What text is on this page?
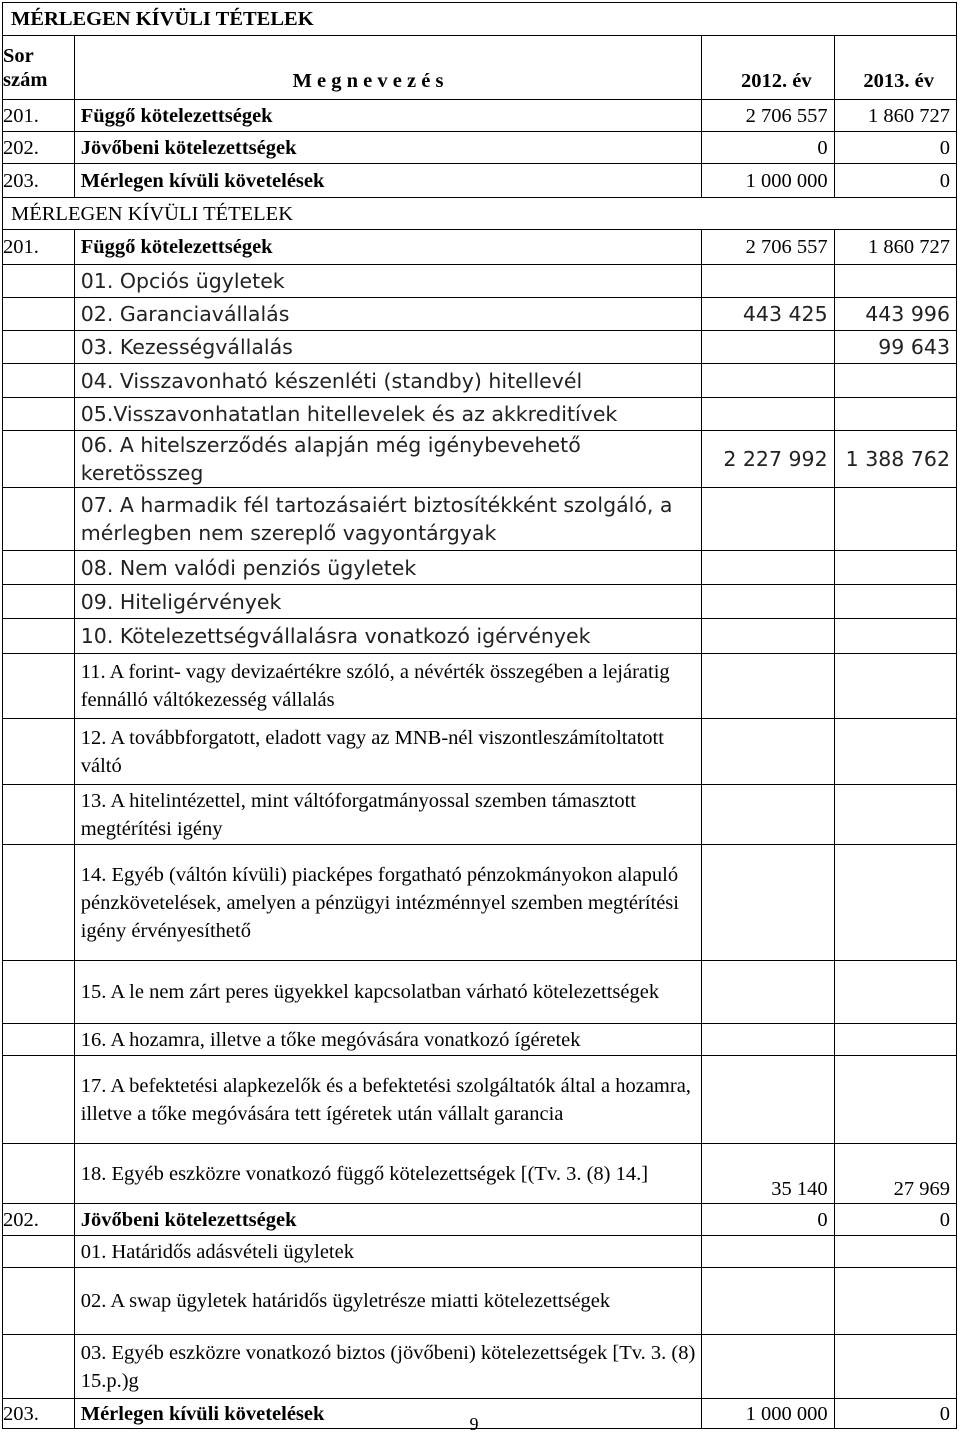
MÉRLEGEN KÍVÜLI TÉTELEK			
Sor szám	M e g n e v e z é s	2012. év	2013. év
201.	Függő kötelezettségek	2 706 557	1 860 727
202.	Jövőbeni kötelezettségek	0	0
203.	Mérlegen kívüli követelések	1 000 000	0
MÉRLEGEN KÍVÜLI TÉTELEK			
201.	Függő kötelezettségek	2 706 557	1 860 727
	01. Opciós ügyletek		
	02. Garanciavállalás	443 425	443 996
	03. Kezességvállalás		99 643
	04. Visszavonható készenléti (standby) hitellevél		
	05.Visszavonhatatlan hitellevelek és az akkreditívek		
	06. A hitelszerződés alapján még igénybevehető keretösszeg	2 227 992	1 388 762
	07. A harmadik fél tartozásaiért biztosítékként szolgáló, a mérlegben nem szereplő vagyontárgyak		
	08. Nem valódi penziós ügyletek		
	09. Hiteligérvények		
	10. Kötelezettségvállalásra vonatkozó igérvények		
	11. A forint- vagy devizaértékre szóló, a névérték összegében a lejáratig fennálló váltókezesség vállalás		
	12. A továbbforgatott, eladott vagy az MNB-nél viszontleszámítoltatott váltó		
	13. A hitelintézettel, mint váltóforgatmányossal szemben támasztott megtérítési igény		
	14. Egyéb (váltón kívüli) piacképes forgatható pénzokmányokon alapuló pénzkövetelések, amelyen a pénzügyi intézménnyel szemben megtérítési igény érvényesíthető		
	15. A le nem zárt peres ügyekkel kapcsolatban várható kötelezettségek		
	16. A hozamra, illetve a tőke megóvására vonatkozó ígéretek		
	17. A befektetési alapkezelők és a befektetési szolgáltatók által a hozamra, illetve a tőke megóvására tett ígéretek után vállalt garancia		
	18. Egyéb eszközre vonatkozó függő kötelezettségek [(Tv. 3. (8) 14.]	35 140	27 969
202.	Jövőbeni kötelezettségek	0	0
	01. Határidős adásvételi ügyletek		
	02. A swap ügyletek határidős ügyletrésze miatti kötelezettségek		
	03. Egyéb eszközre vonatkozó biztos (jövőbeni) kötelezettségek [Tv. 3. (8) 15.p.)g		
203.	Mérlegen kívüli követelések	1 000 000	0
9
